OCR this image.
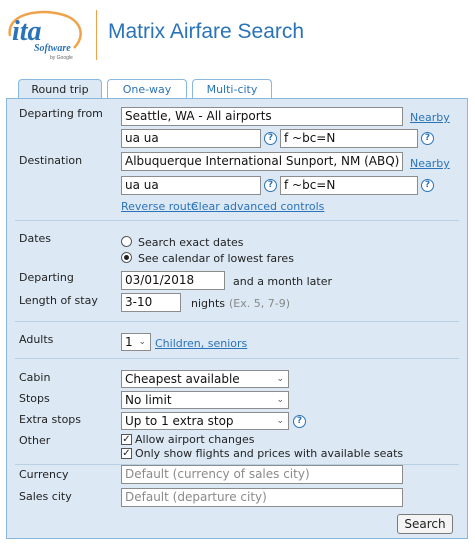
ita
Software
by Google
Matrix Airfare Search
Round trip	One-way	Multi-city
Departing from	Seattle, WA - All airports	Nearby
ua ua	? f ~bc=N	?
Destination	Albuquerque International Sunport, NM (ABQ) Nearby
ua ua	? f ~bc=N	?
Reverse route
Clear advanced controls
Dates	Search exact dates
See calendar of lowest fares
Departing	03/01/2018	and a month later
Length of stay	3-10	nights (Ex. 5, 7-9)
Adults	1 ⌄ Children, seniors
Cabin	Cheapest available	⌄
Stops	No limit	⌄
Extra stops	Up to 1 extra stop	⌄	?
Other	✓ Allow airport changes
✓ Only show flights and prices with available seats
Currency	Default (currency of sales city)
Sales city	Default (departure city)
Search
